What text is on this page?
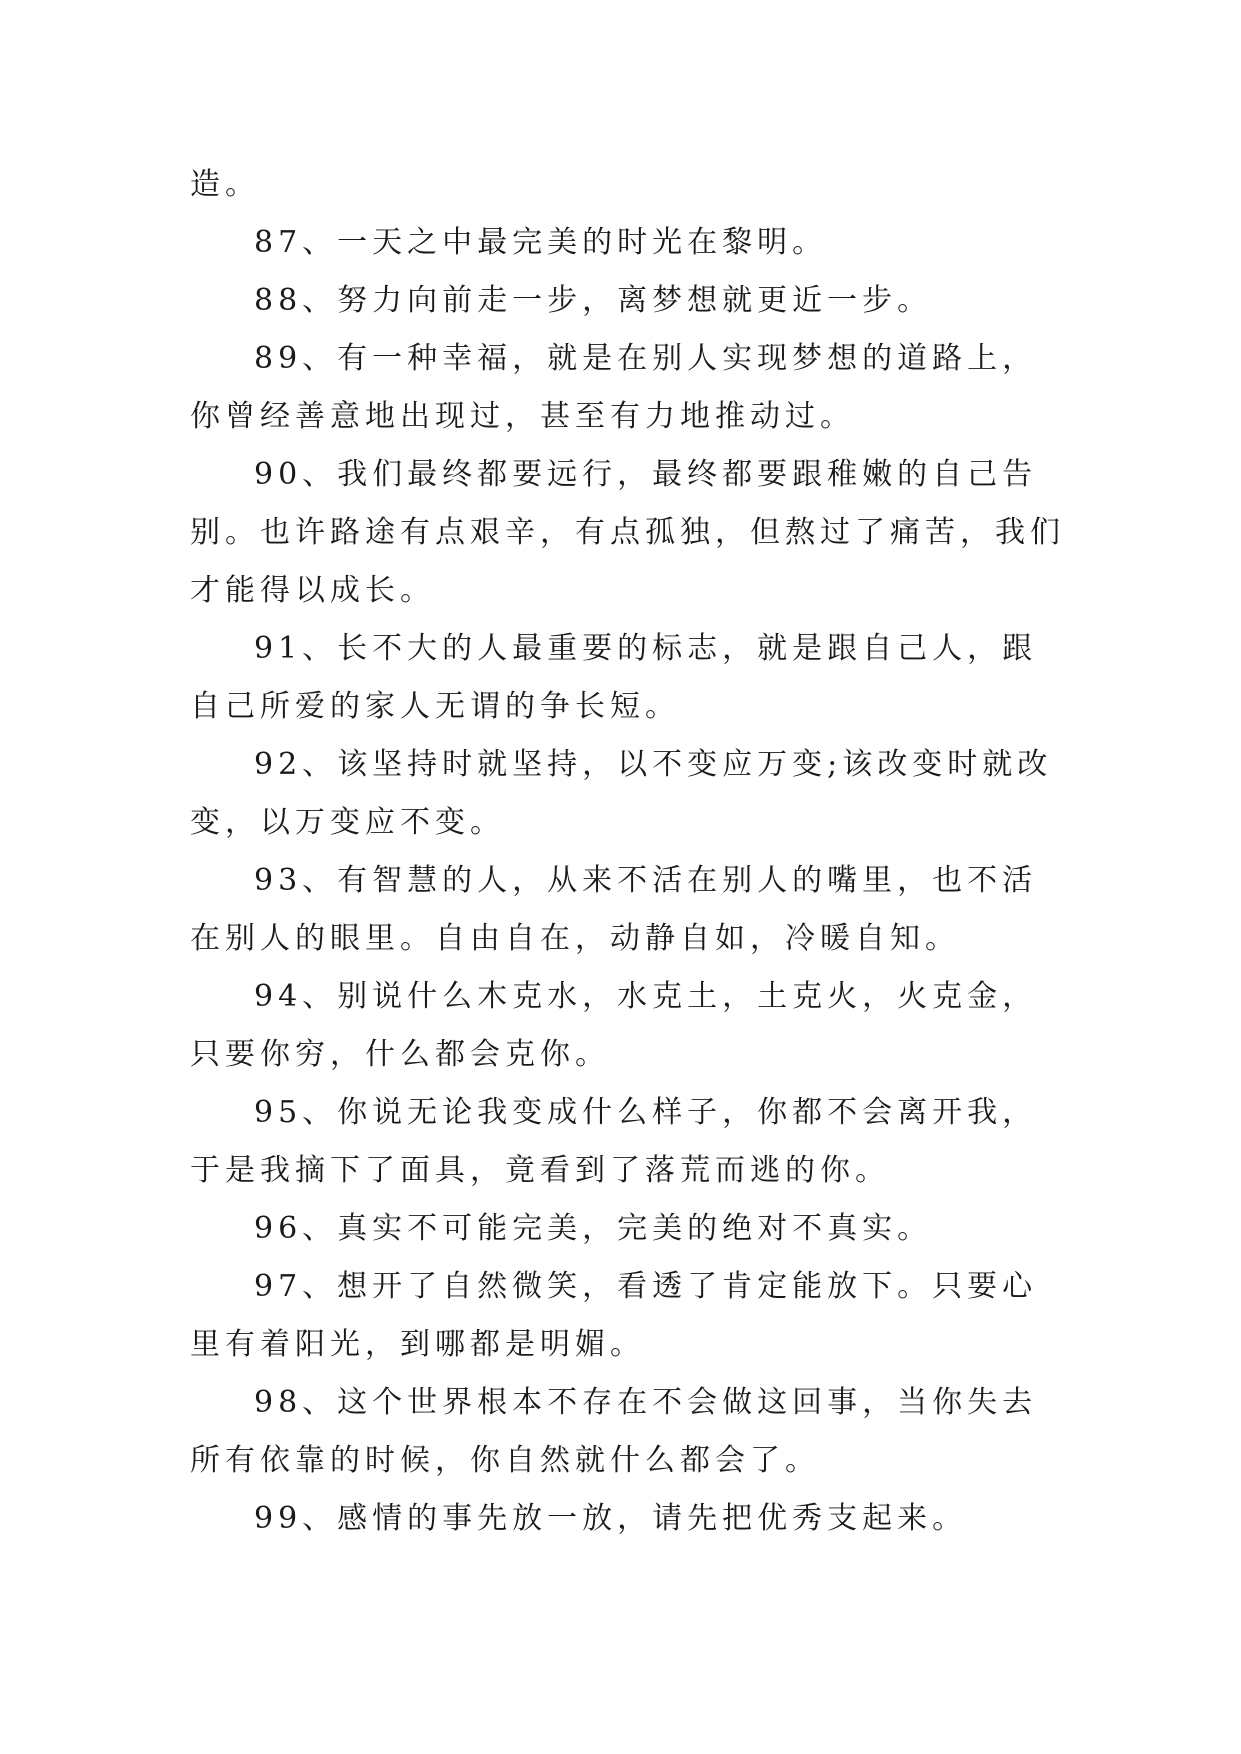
造。

87、一天之中最完美的时光在黎明。

88、努力向前走一步，离梦想就更近一步。

89、有一种幸福，就是在别人实现梦想的道路上，你曾经善意地出现过，甚至有力地推动过。

90、我们最终都要远行，最终都要跟稚嫩的自己告别。也许路途有点艰辛，有点孤独，但熬过了痛苦，我们才能得以成长。

91、长不大的人最重要的标志，就是跟自己人，跟自己所爱的家人无谓的争长短。

92、该坚持时就坚持，以不变应万变;该改变时就改变，以万变应不变。

93、有智慧的人，从来不活在别人的嘴里，也不活在别人的眼里。自由自在，动静自如，冷暖自知。

94、别说什么木克水，水克土，土克火，火克金，只要你穷，什么都会克你。

95、你说无论我变成什么样子，你都不会离开我，于是我摘下了面具，竟看到了落荒而逃的你。

96、真实不可能完美，完美的绝对不真实。

97、想开了自然微笑，看透了肯定能放下。只要心里有着阳光，到哪都是明媚。

98、这个世界根本不存在不会做这回事，当你失去所有依靠的时候，你自然就什么都会了。

99、感情的事先放一放，请先把优秀支起来。
